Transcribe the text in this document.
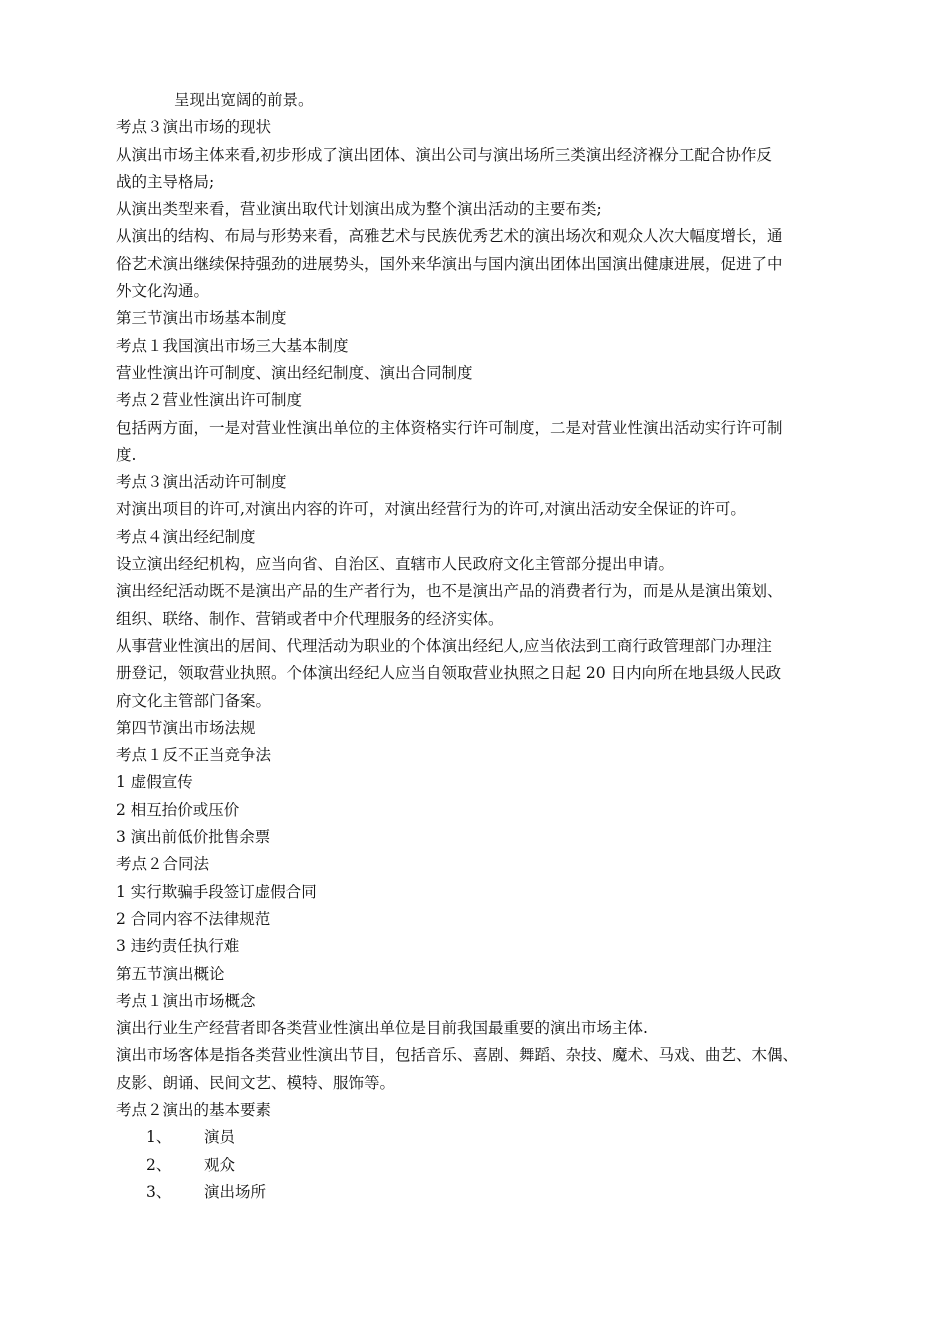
呈现出宽阔的前景。
考点３演出市场的现状
从演出市场主体来看,初步形成了演出团体、演出公司与演出场所三类演出经济褓分工配合协作反
战的主导格局;
从演出类型来看，营业演出取代计划演出成为整个演出活动的主要布类;
从演出的结构、布局与形势来看，高雅艺术与民族优秀艺术的演出场次和观众人次大幅度增长，通
俗艺术演出继续保持强劲的进展势头，国外来华演出与国内演出团体出国演出健康进展，促进了中
外文化沟通。
第三节演出市场基本制度
考点１我国演出市场三大基本制度
营业性演出许可制度、演出经纪制度、演出合同制度
考点２营业性演出许可制度
包括两方面，一是对营业性演出单位的主体资格实行许可制度，二是对营业性演出活动实行许可制
度.
考点３演出活动许可制度
对演出项目的许可,对演出内容的许可，对演出经营行为的许可,对演出活动安全保证的许可。
考点４演出经纪制度
设立演出经纪机构，应当向省、自治区、直辖市人民政府文化主管部分提出申请。
演出经纪活动既不是演出产品的生产者行为，也不是演出产品的消费者行为，而是从是演出策划、
组织、联络、制作、营销或者中介代理服务的经济实体。
从事营业性演出的居间、代理活动为职业的个体演出经纪人,应当依法到工商行政管理部门办理注
册登记，领取营业执照。个体演出经纪人应当自领取营业执照之日起 20 日内向所在地县级人民政
府文化主管部门备案。
第四节演出市场法规
考点１反不正当竞争法
1 虚假宣传
2 相互抬价或压价
3 演出前低价批售余票
考点２合同法
1 实行欺骗手段签订虚假合同
2 合同内容不法律规范
3 违约责任执行难
第五节演出概论
考点１演出市场概念
演出行业生产经营者即各类营业性演出单位是目前我国最重要的演出市场主体.
演出市场客体是指各类营业性演出节目，包括音乐、喜剧、舞蹈、杂技、魔术、马戏、曲艺、木偶、
皮影、朗诵、民间文艺、模特、服饰等。
考点２演出的基本要素
1、	演员
2、	观众
3、	演出场所
